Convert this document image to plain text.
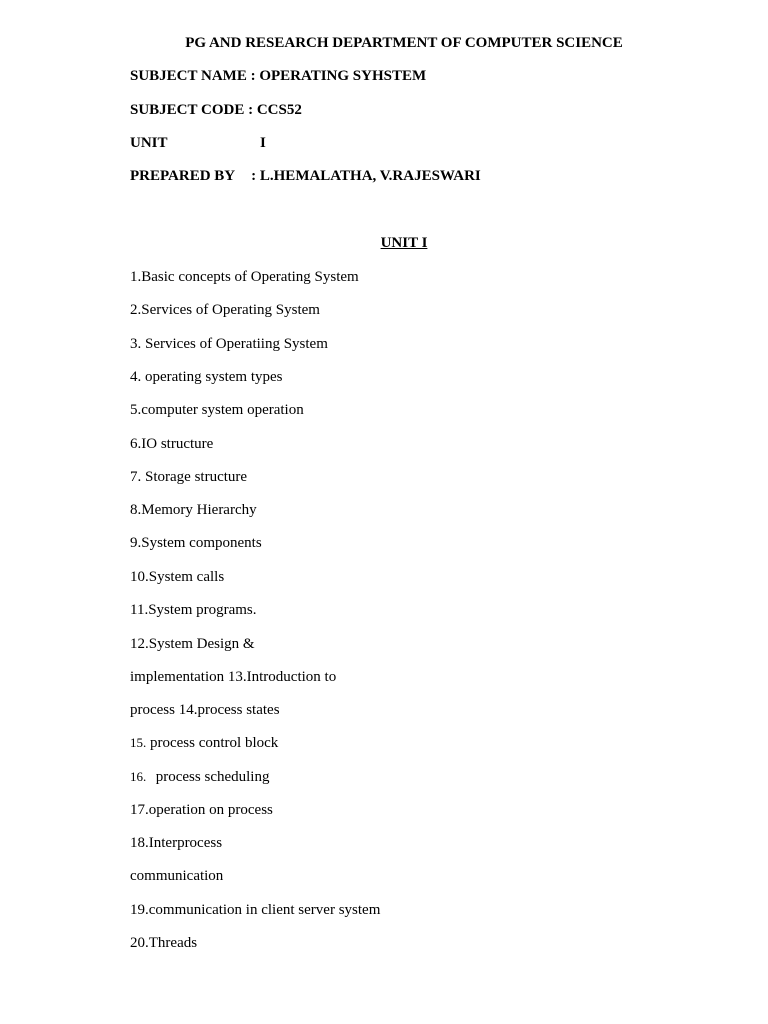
PG AND RESEARCH DEPARTMENT OF COMPUTER SCIENCE
SUBJECT NAME : OPERATING SYHSTEM
SUBJECT CODE : CCS52
UNIT	I
PREPARED BY : L.HEMALATHA, V.RAJESWARI
UNIT I
1.Basic concepts of Operating System
2.Services of Operating System
3. Services of Operatiing System
4. operating system types
5.computer system operation
6.IO structure
7. Storage structure
8.Memory Hierarchy
9.System components
10.System calls
11.System programs.
12.System Design &
implementation 13.Introduction to
process 14.process states
15. process control block
16. process scheduling
17.operation on process
18.Interprocess
communication
19.communication in client server system
20.Threads
